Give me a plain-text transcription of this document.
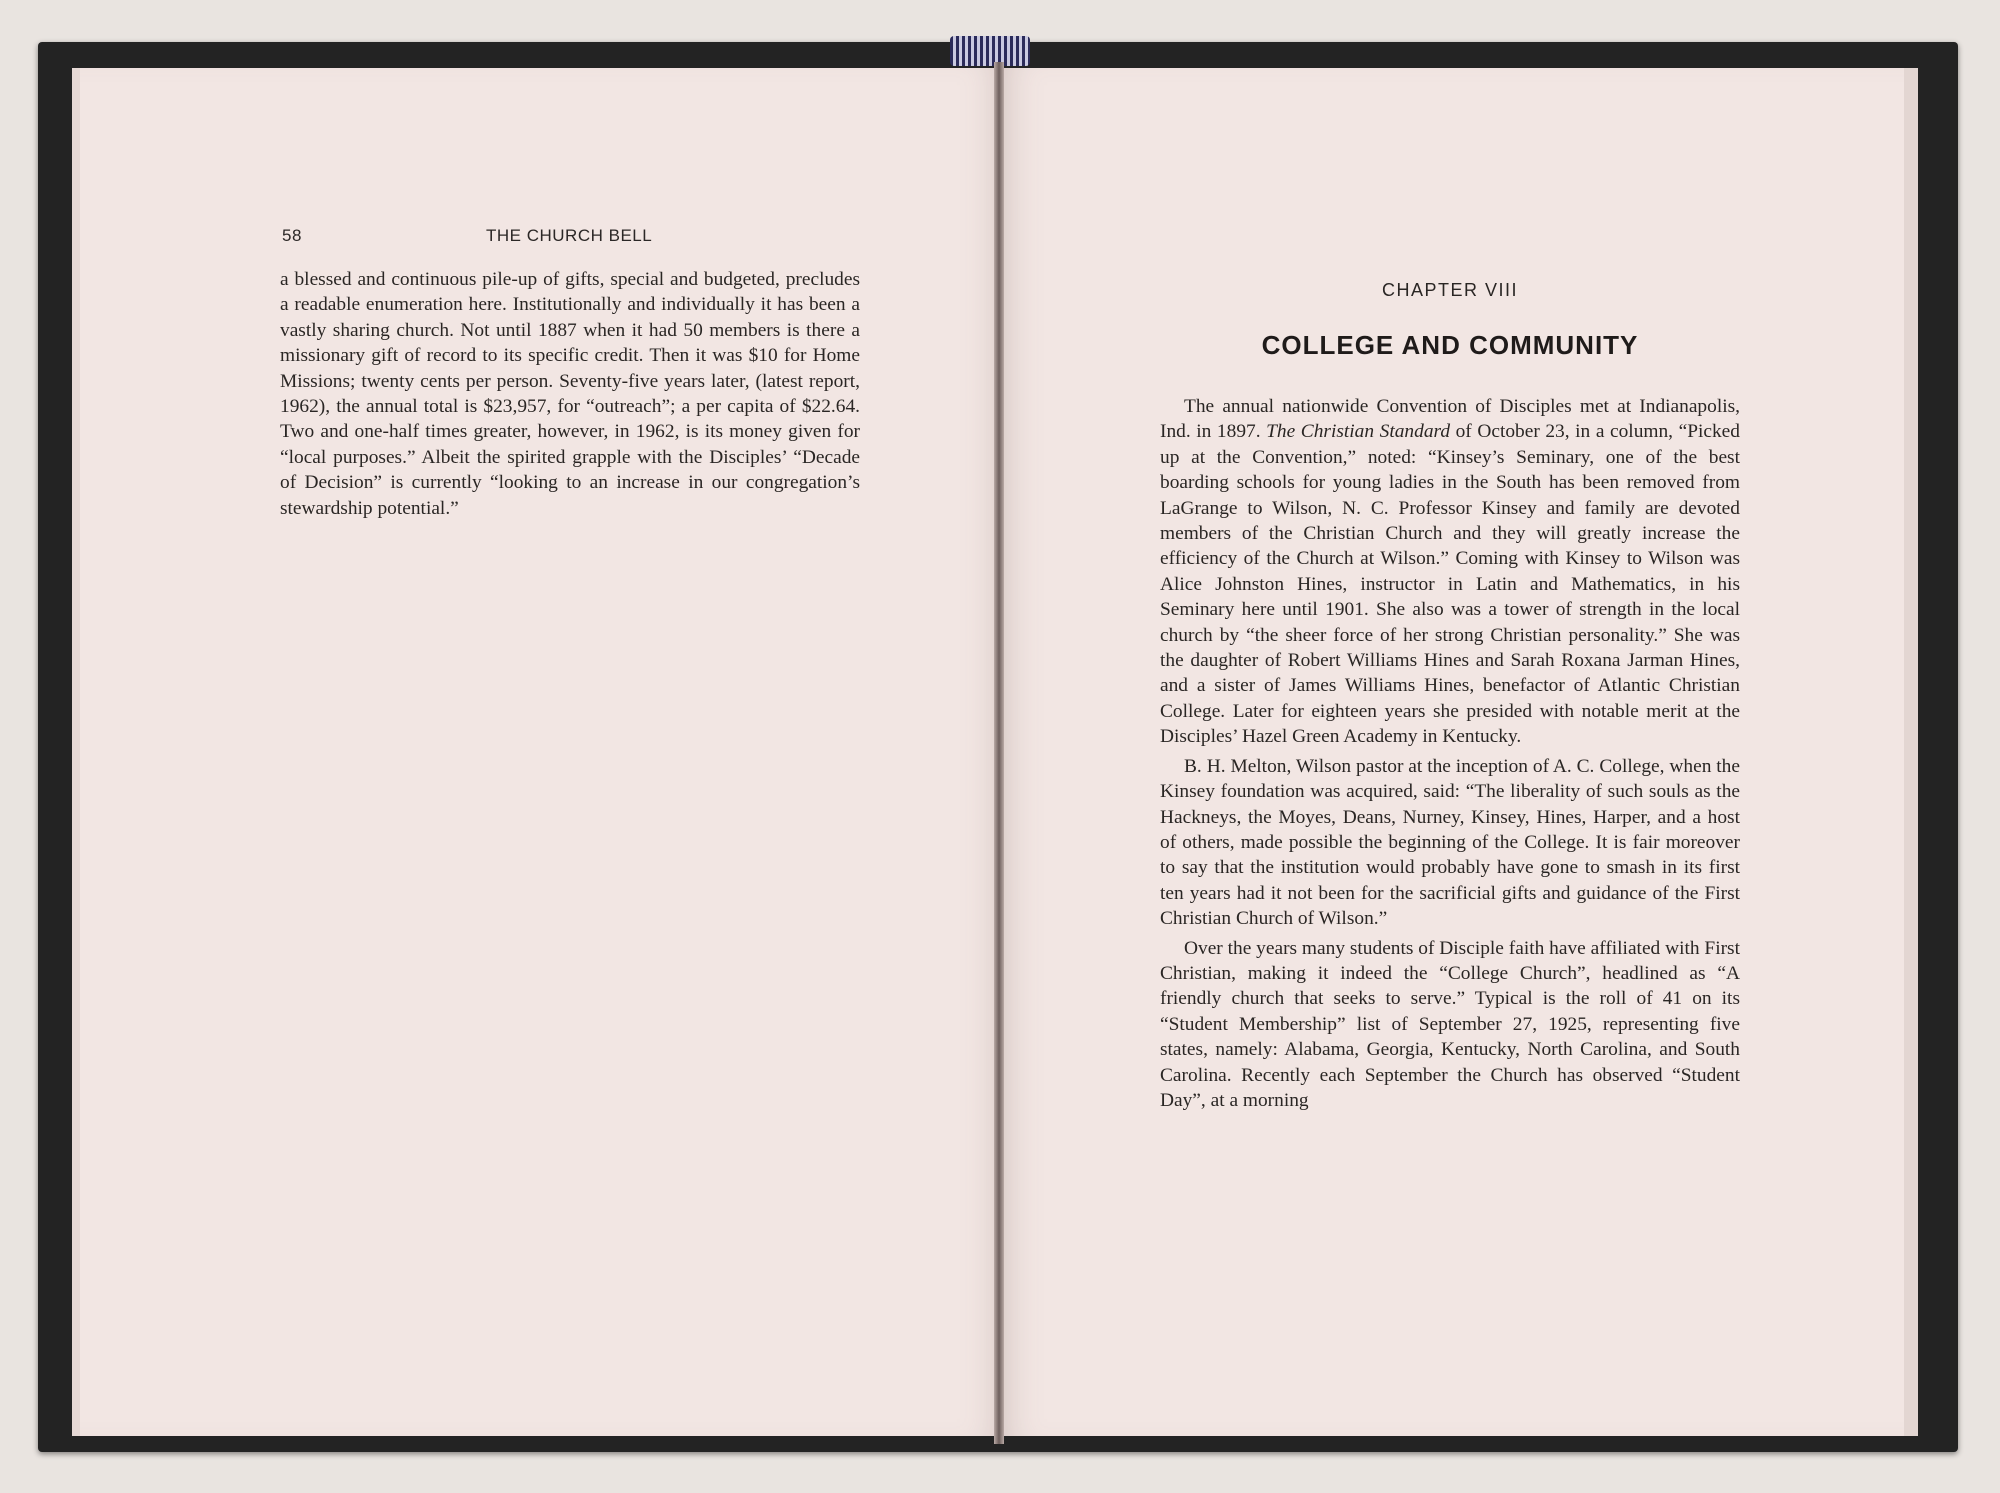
58	THE CHURCH BELL

a blessed and continuous pile-up of gifts, special and budgeted, precludes a readable enumeration here. Institutionally and individually it has been a vastly sharing church. Not until 1887 when it had 50 members is there a missionary gift of record to its specific credit. Then it was $10 for Home Missions; twenty cents per person. Seventy-five years later, (latest report, 1962), the annual total is $23,957, for “outreach”; a per capita of $22.64. Two and one-half times greater, however, in 1962, is its money given for “local purposes.” Albeit the spirited grapple with the Disciples’ “Decade of Decision” is currently “looking to an increase in our congregation’s stewardship potential.”

CHAPTER VIII
COLLEGE AND COMMUNITY

The annual nationwide Convention of Disciples met at Indianapolis, Ind. in 1897. The Christian Standard of October 23, in a column, “Picked up at the Convention,” noted: “Kinsey’s Seminary, one of the best boarding schools for young ladies in the South has been removed from LaGrange to Wilson, N. C. Professor Kinsey and family are devoted members of the Christian Church and they will greatly increase the efficiency of the Church at Wilson.” Coming with Kinsey to Wilson was Alice Johnston Hines, instructor in Latin and Mathematics, in his Seminary here until 1901. She also was a tower of strength in the local church by “the sheer force of her strong Christian personality.” She was the daughter of Robert Williams Hines and Sarah Roxana Jarman Hines, and a sister of James Williams Hines, benefactor of Atlantic Christian College. Later for eighteen years she presided with notable merit at the Disciples’ Hazel Green Academy in Kentucky.

B. H. Melton, Wilson pastor at the inception of A. C. College, when the Kinsey foundation was acquired, said: “The liberality of such souls as the Hackneys, the Moyes, Deans, Nurney, Kinsey, Hines, Harper, and a host of others, made possible the beginning of the College. It is fair moreover to say that the institution would probably have gone to smash in its first ten years had it not been for the sacrificial gifts and guidance of the First Christian Church of Wilson.”

Over the years many students of Disciple faith have affiliated with First Christian, making it indeed the “College Church”, headlined as “A friendly church that seeks to serve.” Typical is the roll of 41 on its “Student Membership” list of September 27, 1925, representing five states, namely: Alabama, Georgia, Kentucky, North Carolina, and South Carolina. Recently each September the Church has observed “Student Day”, at a morning
